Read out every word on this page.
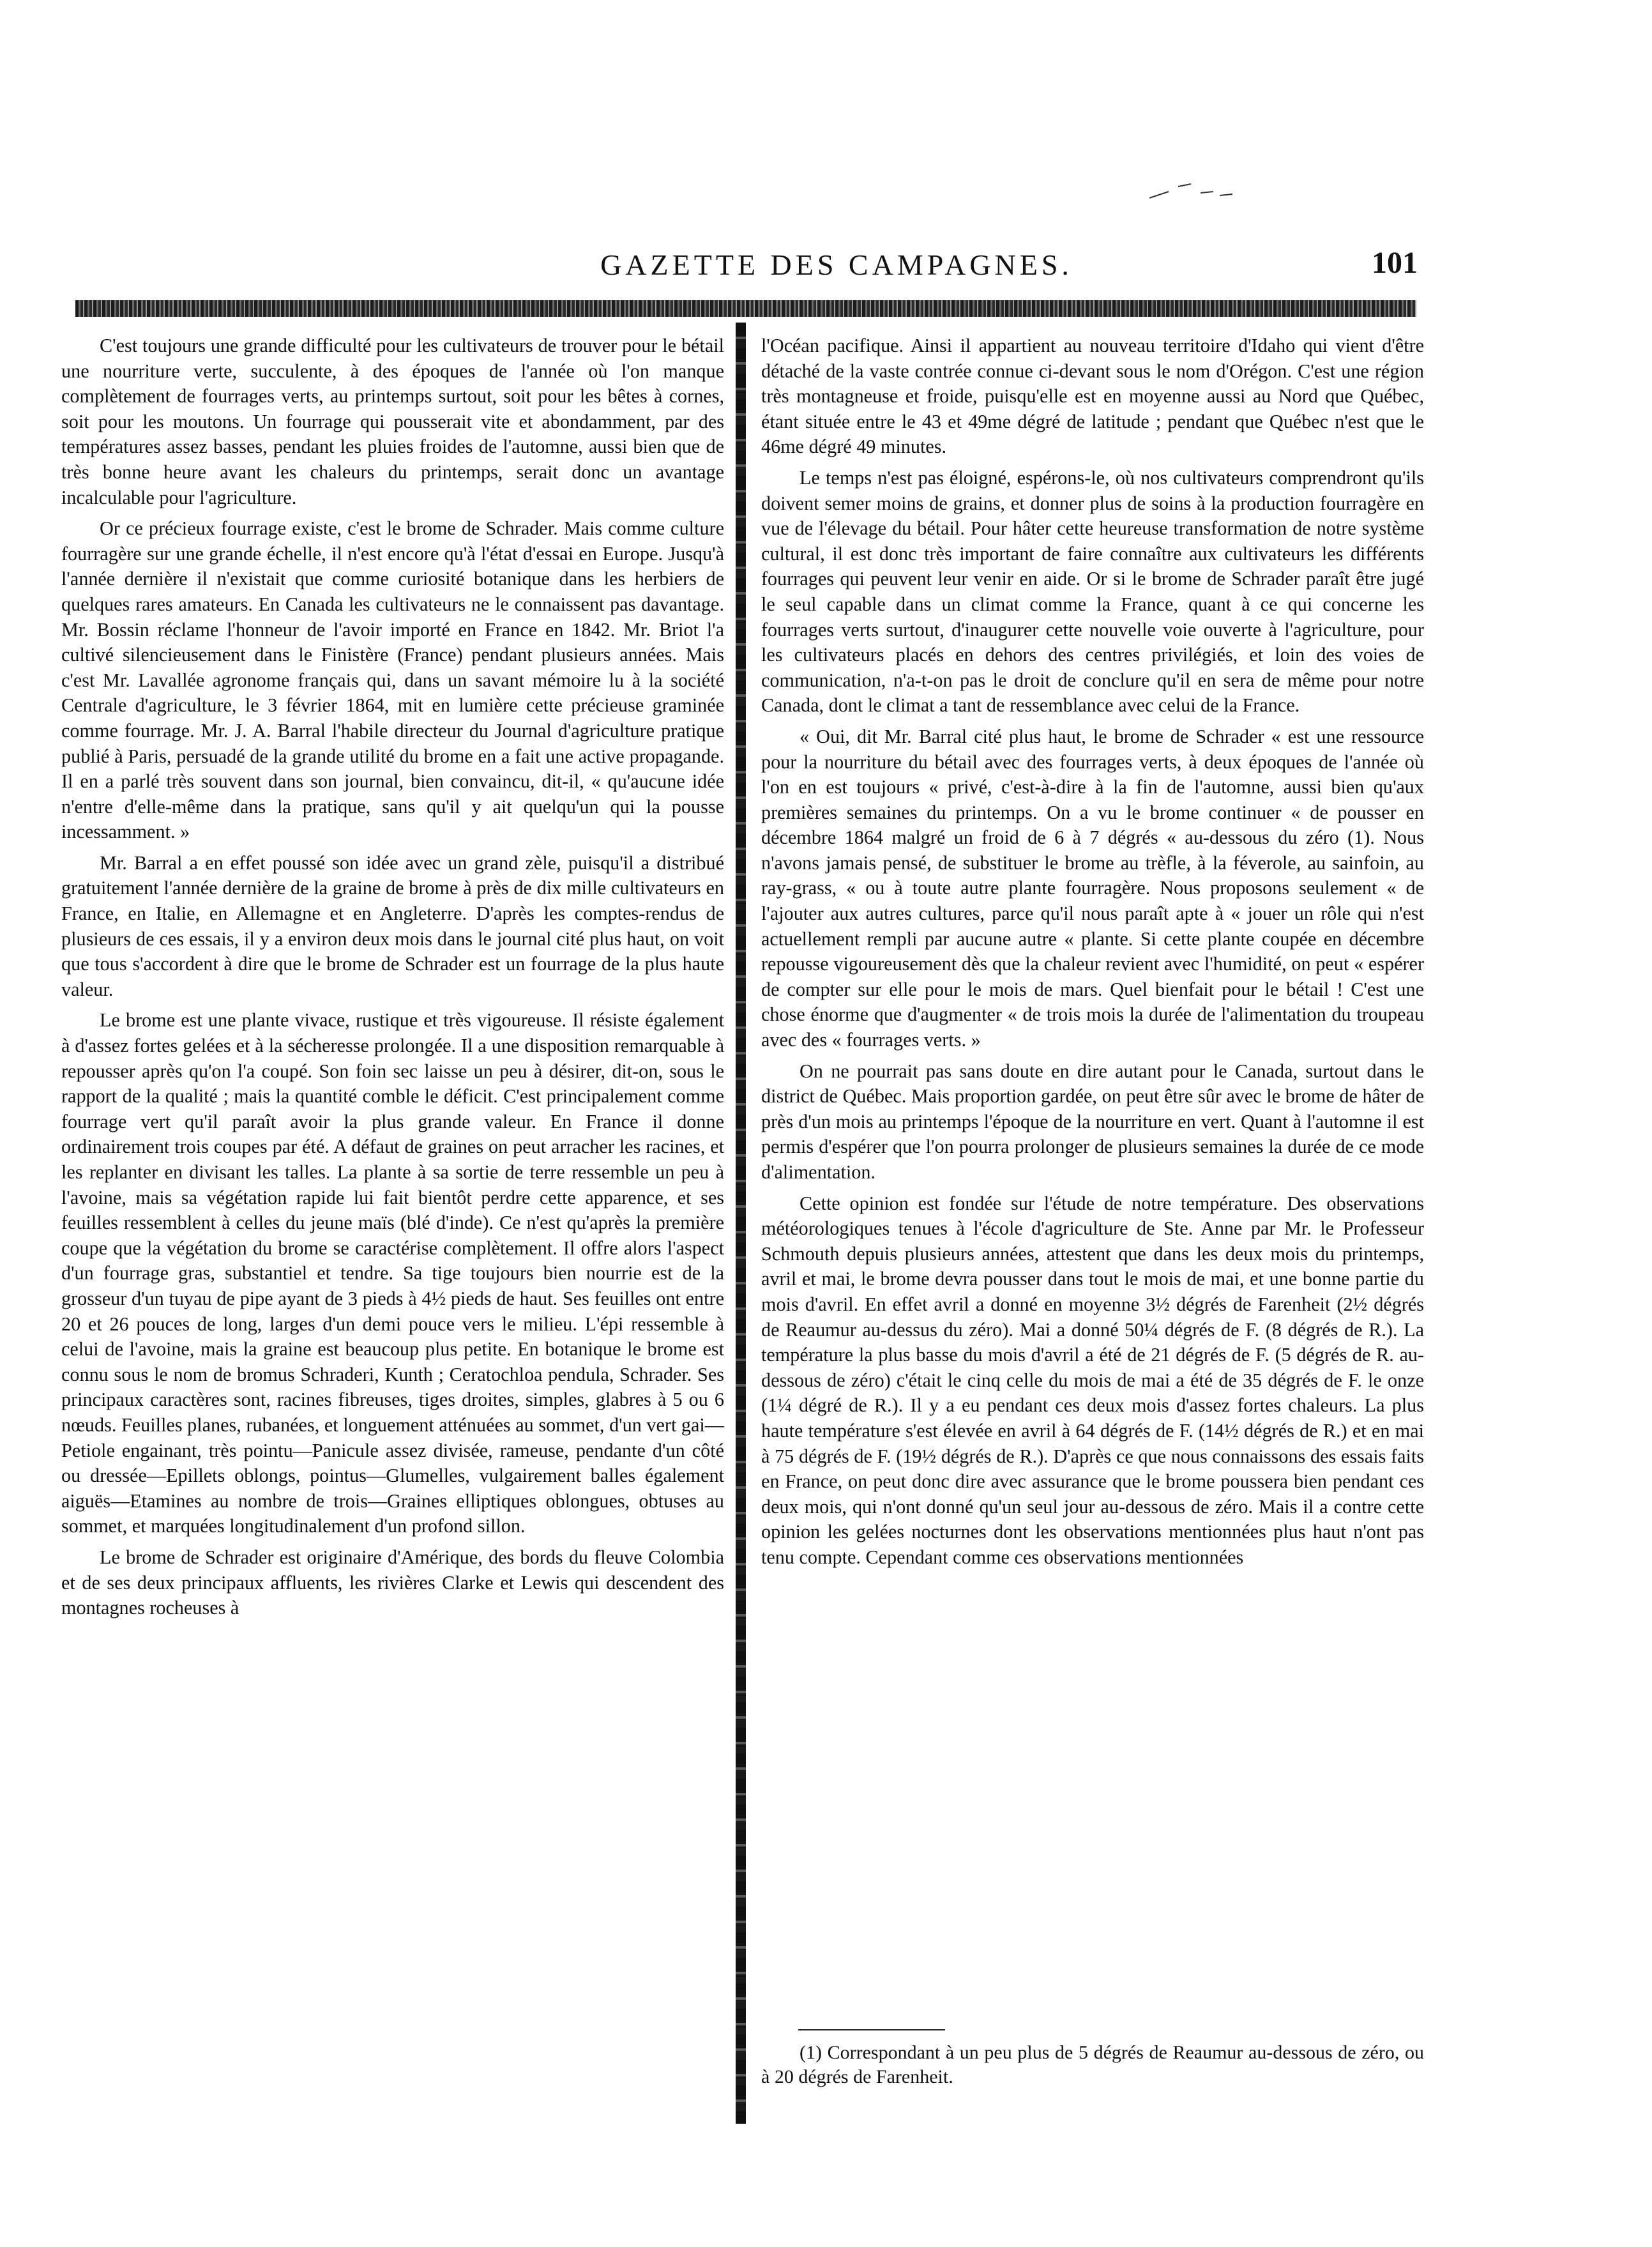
GAZETTE DES CAMPAGNES.	101

C'est toujours une grande difficulté pour les cultivateurs de trouver pour le bétail une nourriture verte, succulente, à des époques de l'année où l'on manque complètement de fourrages verts, au printemps surtout, soit pour les bêtes à cornes, soit pour les moutons. Un fourrage qui pousserait vite et abondamment, par des températures assez basses, pendant les pluies froides de l'automne, aussi bien que de très bonne heure avant les chaleurs du printemps, serait donc un avantage incalculable pour l'agriculture.

Or ce précieux fourrage existe, c'est le brome de Schrader. Mais comme culture fourragère sur une grande échelle, il n'est encore qu'à l'état d'essai en Europe. Jusqu'à l'année dernière il n'existait que comme curiosité botanique dans les herbiers de quelques rares amateurs. En Canada les cultivateurs ne le connaissent pas davantage. Mr. Bossin réclame l'honneur de l'avoir importé en France en 1842. Mr. Briot l'a cultivé silencieusement dans le Finistère (France) pendant plusieurs années. Mais c'est Mr. Lavallée agronome français qui, dans un savant mémoire lu à la société Centrale d'agriculture, le 3 février 1864, mit en lumière cette précieuse graminée comme fourrage. Mr. J. A. Barral l'habile directeur du Journal d'agriculture pratique publié à Paris, persuadé de la grande utilité du brome en a fait une active propagande. Il en a parlé très souvent dans son journal, bien convaincu, dit-il, « qu'aucune idée n'entre d'elle-même dans la pratique, sans qu'il y ait quelqu'un qui la pousse incessamment. »

Mr. Barral a en effet poussé son idée avec un grand zèle, puisqu'il a distribué gratuitement l'année dernière de la graine de brome à près de dix mille cultivateurs en France, en Italie, en Allemagne et en Angleterre. D'après les comptes-rendus de plusieurs de ces essais, il y a environ deux mois dans le journal cité plus haut, on voit que tous s'accordent à dire que le brome de Schrader est un fourrage de la plus haute valeur.

Le brome est une plante vivace, rustique et très vigoureuse. Il résiste également à d'assez fortes gelées et à la sécheresse prolongée. Il a une disposition remarquable à repousser après qu'on l'a coupé. Son foin sec laisse un peu à désirer, dit-on, sous le rapport de la qualité ; mais la quantité comble le déficit. C'est principalement comme fourrage vert qu'il paraît avoir la plus grande valeur. En France il donne ordinairement trois coupes par été. A défaut de graines on peut arracher les racines, et les replanter en divisant les talles. La plante à sa sortie de terre ressemble un peu à l'avoine, mais sa végétation rapide lui fait bientôt perdre cette apparence, et ses feuilles ressemblent à celles du jeune maïs (blé d'inde). Ce n'est qu'après la première coupe que la végétation du brome se caractérise complètement. Il offre alors l'aspect d'un fourrage gras, substantiel et tendre. Sa tige toujours bien nourrie est de la grosseur d'un tuyau de pipe ayant de 3 pieds à 4½ pieds de haut. Ses feuilles ont entre 20 et 26 pouces de long, larges d'un demi pouce vers le milieu. L'épi ressemble à celui de l'avoine, mais la graine est beaucoup plus petite. En botanique le brome est connu sous le nom de bromus Schraderi, Kunth ; Ceratochloa pendula, Schrader. Ses principaux caractères sont, racines fibreuses, tiges droites, simples, glabres à 5 ou 6 nœuds. Feuilles planes, rubanées, et longuement atténuées au sommet, d'un vert gai—Petiole engainant, très pointu—Panicule assez divisée, rameuse, pendante d'un côté ou dressée—Epillets oblongs, pointus—Glumelles, vulgairement balles également aiguës—Etamines au nombre de trois—Graines elliptiques oblongues, obtuses au sommet, et marquées longitudinalement d'un profond sillon.

Le brome de Schrader est originaire d'Amérique, des bords du fleuve Colombia et de ses deux principaux affluents, les rivières Clarke et Lewis qui descendent des montagnes rocheuses à

l'Océan pacifique. Ainsi il appartient au nouveau territoire d'Idaho qui vient d'être détaché de la vaste contrée connue ci-devant sous le nom d'Orégon. C'est une région très montagneuse et froide, puisqu'elle est en moyenne aussi au Nord que Québec, étant située entre le 43 et 49me dégré de latitude ; pendant que Québec n'est que le 46me dégré 49 minutes.

Le temps n'est pas éloigné, espérons-le, où nos cultivateurs comprendront qu'ils doivent semer moins de grains, et donner plus de soins à la production fourragère en vue de l'élevage du bétail. Pour hâter cette heureuse transformation de notre système cultural, il est donc très important de faire connaître aux cultivateurs les différents fourrages qui peuvent leur venir en aide. Or si le brome de Schrader paraît être jugé le seul capable dans un climat comme la France, quant à ce qui concerne les fourrages verts surtout, d'inaugurer cette nouvelle voie ouverte à l'agriculture, pour les cultivateurs placés en dehors des centres privilégiés, et loin des voies de communication, n'a-t-on pas le droit de conclure qu'il en sera de même pour notre Canada, dont le climat a tant de ressemblance avec celui de la France.

« Oui, dit Mr. Barral cité plus haut, le brome de Schrader « est une ressource pour la nourriture du bétail avec des fourrages verts, à deux époques de l'année où l'on en est toujours « privé, c'est-à-dire à la fin de l'automne, aussi bien qu'aux premières semaines du printemps. On a vu le brome continuer « de pousser en décembre 1864 malgré un froid de 6 à 7 dégrés « au-dessous du zéro (1). Nous n'avons jamais pensé, de substituer le brome au trèfle, à la féverole, au sainfoin, au ray-grass, « ou à toute autre plante fourragère. Nous proposons seulement « de l'ajouter aux autres cultures, parce qu'il nous paraît apte à « jouer un rôle qui n'est actuellement rempli par aucune autre « plante. Si cette plante coupée en décembre repousse vigoureusement dès que la chaleur revient avec l'humidité, on peut « espérer de compter sur elle pour le mois de mars. Quel bienfait pour le bétail ! C'est une chose énorme que d'augmenter « de trois mois la durée de l'alimentation du troupeau avec des « fourrages verts. »

On ne pourrait pas sans doute en dire autant pour le Canada, surtout dans le district de Québec. Mais proportion gardée, on peut être sûr avec le brome de hâter de près d'un mois au printemps l'époque de la nourriture en vert. Quant à l'automne il est permis d'espérer que l'on pourra prolonger de plusieurs semaines la durée de ce mode d'alimentation.

Cette opinion est fondée sur l'étude de notre température. Des observations météorologiques tenues à l'école d'agriculture de Ste. Anne par Mr. le Professeur Schmouth depuis plusieurs années, attestent que dans les deux mois du printemps, avril et mai, le brome devra pousser dans tout le mois de mai, et une bonne partie du mois d'avril. En effet avril a donné en moyenne 3½ dégrés de Farenheit (2½ dégrés de Reaumur au-dessus du zéro). Mai a donné 50¼ dégrés de F. (8 dégrés de R.). La température la plus basse du mois d'avril a été de 21 dégrés de F. (5 dégrés de R. au-dessous de zéro) c'était le cinq celle du mois de mai a été de 35 dégrés de F. le onze (1¼ dégré de R.). Il y a eu pendant ces deux mois d'assez fortes chaleurs. La plus haute température s'est élevée en avril à 64 dégrés de F. (14½ dégrés de R.) et en mai à 75 dégrés de F. (19½ dégrés de R.). D'après ce que nous connaissons des essais faits en France, on peut donc dire avec assurance que le brome poussera bien pendant ces deux mois, qui n'ont donné qu'un seul jour au-dessous de zéro. Mais il a contre cette opinion les gelées nocturnes dont les observations mentionnées plus haut n'ont pas tenu compte. Cependant comme ces observations mentionnées

(1) Correspondant à un peu plus de 5 dégrés de Reaumur au-dessous de zéro, ou à 20 dégrés de Farenheit.
